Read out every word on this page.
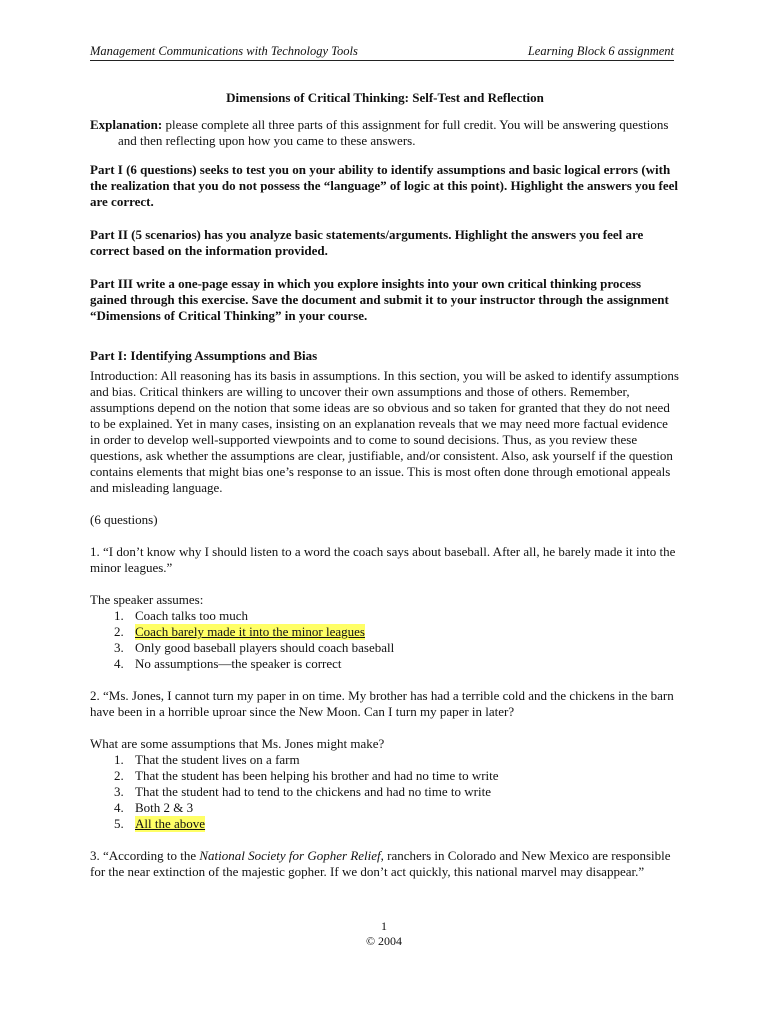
Management Communications with Technology Tools	Learning Block 6 assignment

Dimensions of Critical Thinking: Self-Test and Reflection

Explanation: please complete all three parts of this assignment for full credit. You will be answering questions and then reflecting upon how you came to these answers.

Part I (6 questions) seeks to test you on your ability to identify assumptions and basic logical errors (with the realization that you do not possess the “language” of logic at this point). Highlight the answers you feel are correct.

Part II (5 scenarios) has you analyze basic statements/arguments. Highlight the answers you feel are correct based on the information provided.

Part III write a one-page essay in which you explore insights into your own critical thinking process gained through this exercise. Save the document and submit it to your instructor through the assignment “Dimensions of Critical Thinking” in your course.

Part I: Identifying Assumptions and Bias

Introduction: All reasoning has its basis in assumptions. In this section, you will be asked to identify assumptions and bias. Critical thinkers are willing to uncover their own assumptions and those of others. Remember, assumptions depend on the notion that some ideas are so obvious and so taken for granted that they do not need to be explained. Yet in many cases, insisting on an explanation reveals that we may need more factual evidence in order to develop well-supported viewpoints and to come to sound decisions. Thus, as you review these questions, ask whether the assumptions are clear, justifiable, and/or consistent. Also, ask yourself if the question contains elements that might bias one’s response to an issue. This is most often done through emotional appeals and misleading language.

(6 questions)

1. “I don’t know why I should listen to a word the coach says about baseball. After all, he barely made it into the minor leagues.”

The speaker assumes:

1. Coach talks too much
2. Coach barely made it into the minor leagues
3. Only good baseball players should coach baseball
4. No assumptions—the speaker is correct

2. “Ms. Jones, I cannot turn my paper in on time. My brother has had a terrible cold and the chickens in the barn have been in a horrible uproar since the New Moon. Can I turn my paper in later?

What are some assumptions that Ms. Jones might make?

1. That the student lives on a farm
2. That the student has been helping his brother and had no time to write
3. That the student had to tend to the chickens and had no time to write
4. Both 2 & 3
5. All the above

3. “According to the National Society for Gopher Relief, ranchers in Colorado and New Mexico are responsible for the near extinction of the majestic gopher. If we don’t act quickly, this national marvel may disappear.”

1
© 2004
